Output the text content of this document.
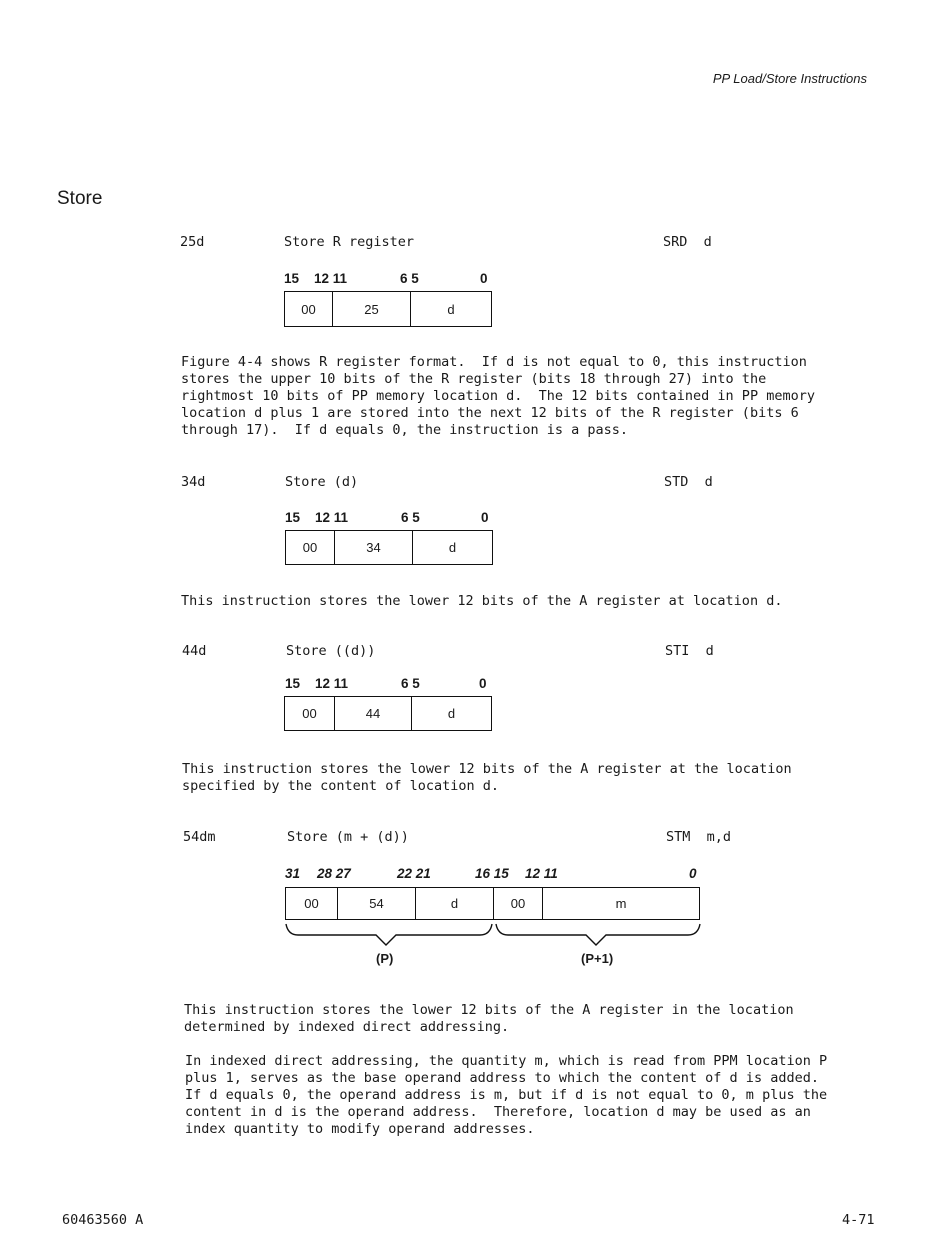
PP Load/Store Instructions
Store
25d	Store R register	SRD  d
15 12 11	6 5	0
00	25	d
Figure 4-4 shows R register format.  If d is not equal to 0, this instruction
stores the upper 10 bits of the R register (bits 18 through 27) into the
rightmost 10 bits of PP memory location d.  The 12 bits contained in PP memory
location d plus 1 are stored into the next 12 bits of the R register (bits 6
through 17).  If d equals 0, the instruction is a pass.
34d	Store (d)	STD  d
15 12 11	6 5	0
00	34	d
This instruction stores the lower 12 bits of the A register at location d.
44d	Store ((d))	STI  d
15 12 11	6 5	0
00	44	d
This instruction stores the lower 12 bits of the A register at the location
specified by the content of location d.
54dm	Store (m + (d))	STM  m,d
31 28 27	22 21	16 15 12 11	0
00	54	d	00	m
(P)	(P+1)
This instruction stores the lower 12 bits of the A register in the location
determined by indexed direct addressing.
In indexed direct addressing, the quantity m, which is read from PPM location P
plus 1, serves as the base operand address to which the content of d is added.
If d equals 0, the operand address is m, but if d is not equal to 0, m plus the
content in d is the operand address.  Therefore, location d may be used as an
index quantity to modify operand addresses.
60463560 A	4-71
